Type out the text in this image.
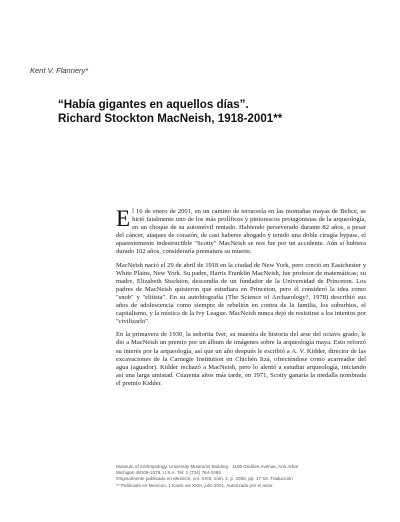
Kent V. Flannery*
“Había gigantes en aquellos días”.
Richard Stockton MacNeish, 1918-2001**

El 16 de enero de 2001, en un camino de terracería en las montañas mayas de Belice, se hirió fatalmente uno de los más prolíficos y pintorescos protagonistas de la arqueología, en un choque de su automóvil rentado. Habiendo perseverado durante 82 años, a pesar del cáncer, ataques de corazón, de casi haberse ahogado y tenido una doble cirugía bypass, el aparentemente indestructible "Scotty" MacNeish se nos fue por un accidente. Aún si hubiera durado 102 años, consideraría prematura su muerte.

MacNeish nació el 29 de abril de 1918 en la ciudad de New York, pero creció en Eastchester y White Plains, New York. Su padre, Harris Franklin MacNeish, fue profesor de matemáticas; su madre, Elizabeth Stockton, descendía de un fundador de la Universidad de Princeton. Los padres de MacNeish quisieron que estudiara en Princeton, pero él consideró la idea como "snob" y "elitista". En su autobiografía (The Science of Archaeology?, 1978) describió sus años de adolescencia como siempre de rebelión en contra de la familia, los suburbios, el capitalismo, y la mística de la Ivy League. MacNeish nunca dejó de resistirse a los intentos por "civilizarlo".

En la primavera de 1930, la señorita Iver, su maestra de historia del arse del octavo grado, le dio a MacNeish un premio por un álbum de imágenes sobre la arqueología maya. Esto reforzó su interés por la arqueología, así que un año después le escribió a A. V. Kidder, director de las excavaciones de la Carnegie Institution en Chichén Itzá, ofreciéndose como acarreador del agua (aguador). Kidder rechazó a MacNeish, pero lo alentó a estudiar arqueología, iniciando así una larga amistad. Cuarenta años más tarde, en 1971, Scotty ganaría la medalla nombrada el premio Kidder.

Museum of Anthropology, University Museums Building · 1109 Geddes Avenue, Ann Arbor
Michigan 48109-1079, U.S.A. Tel: 1 (734) 764-0485
Originalmente publicado en Mexicon, vol. XXIII, núm. 1, p. 2000, pp. 17-19. Traducción
** Publicado en Mexicon, 1 Kaxis vol XXIII, julio 2001. Autorizado por el autor.
